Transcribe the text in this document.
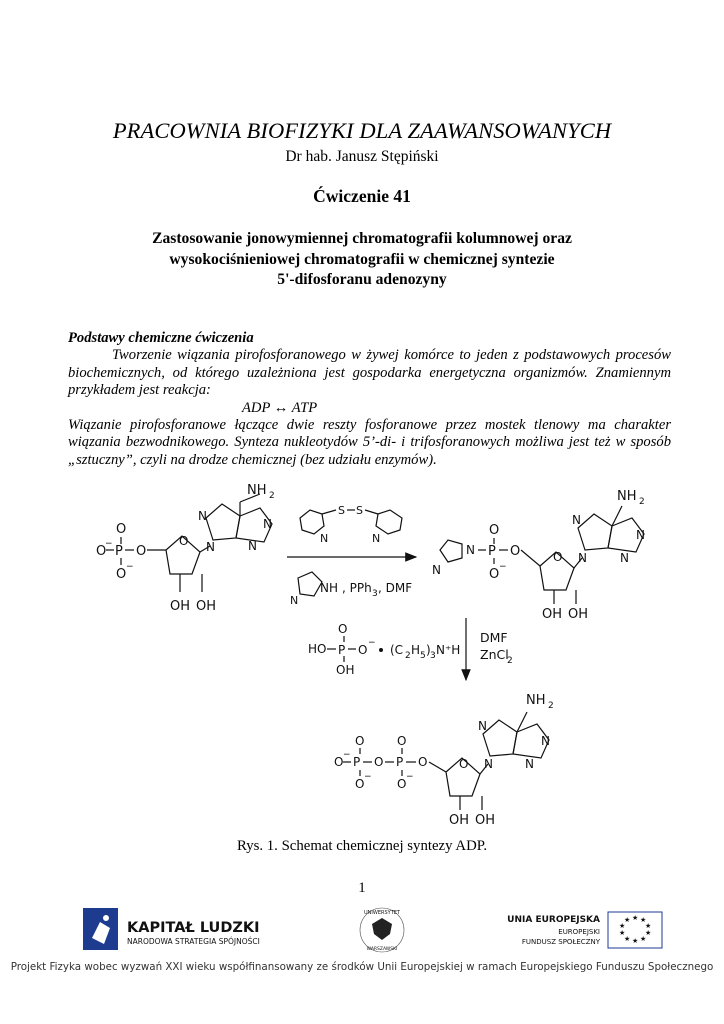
PRACOWNIA BIOFIZYKI DLA ZAAWANSOWANYCH
Dr hab. Janusz Stępiński
Ćwiczenie 41
Zastosowanie jonowymiennej chromatografii kolumnowej oraz
wysokociśnieniowej chromatografii w chemicznej syntezie
5'-difosforanu adenozyny

Podstawy chemiczne ćwiczenia

Tworzenie wiązania pirofosforanowego w żywej komórce to jeden z podstawowych procesów biochemicznych, od którego uzależniona jest gospodarka energetyczna organizmów. Znamiennym przykładem jest reakcja:

ADP ↔ ATP

Wiązanie pirofosforanowe łączące dwie reszty fosforanowe przez mostek tlenowy ma charakter wiązania bezwodnikowego. Synteza nukleotydów 5’-di- i trifosforanowych możliwa jest też w sposób „sztuczny”, czyli na drodze chemicznej (bez udziału enzymów).

O
O
− P O
O −
O
OH OH
N
N
N
N
NH 2
N
S S
N
N
NH , PPh 3 , DMF
N
N P
O
O −
O	O
OH OH
N
N
N
N
NH 2
DMF
ZnCl
2
O
HO P O −
OH
(C 2 H 5 ) 3 N⁺H
O
O − P O
O −
P
O
O −
O	O
OH OH
N
N
N
N
NH 2
Rys. 1. Schemat chemicznej syntezy ADP.
1
KAPITAŁ LUDZKI
NARODOWA STRATEGIA SPÓJNOŚCI
UNIWERSYTET
WARSZAWSKI
UNIA EUROPEJSKA
EUROPEJSKI
FUNDUSZ SPOŁECZNY
★ ★
★
★
★
★
★
★
★
★
Projekt Fizyka wobec wyzwań XXI wieku współfinansowany ze środków Unii Europejskiej w ramach Europejskiego Funduszu Społecznego
